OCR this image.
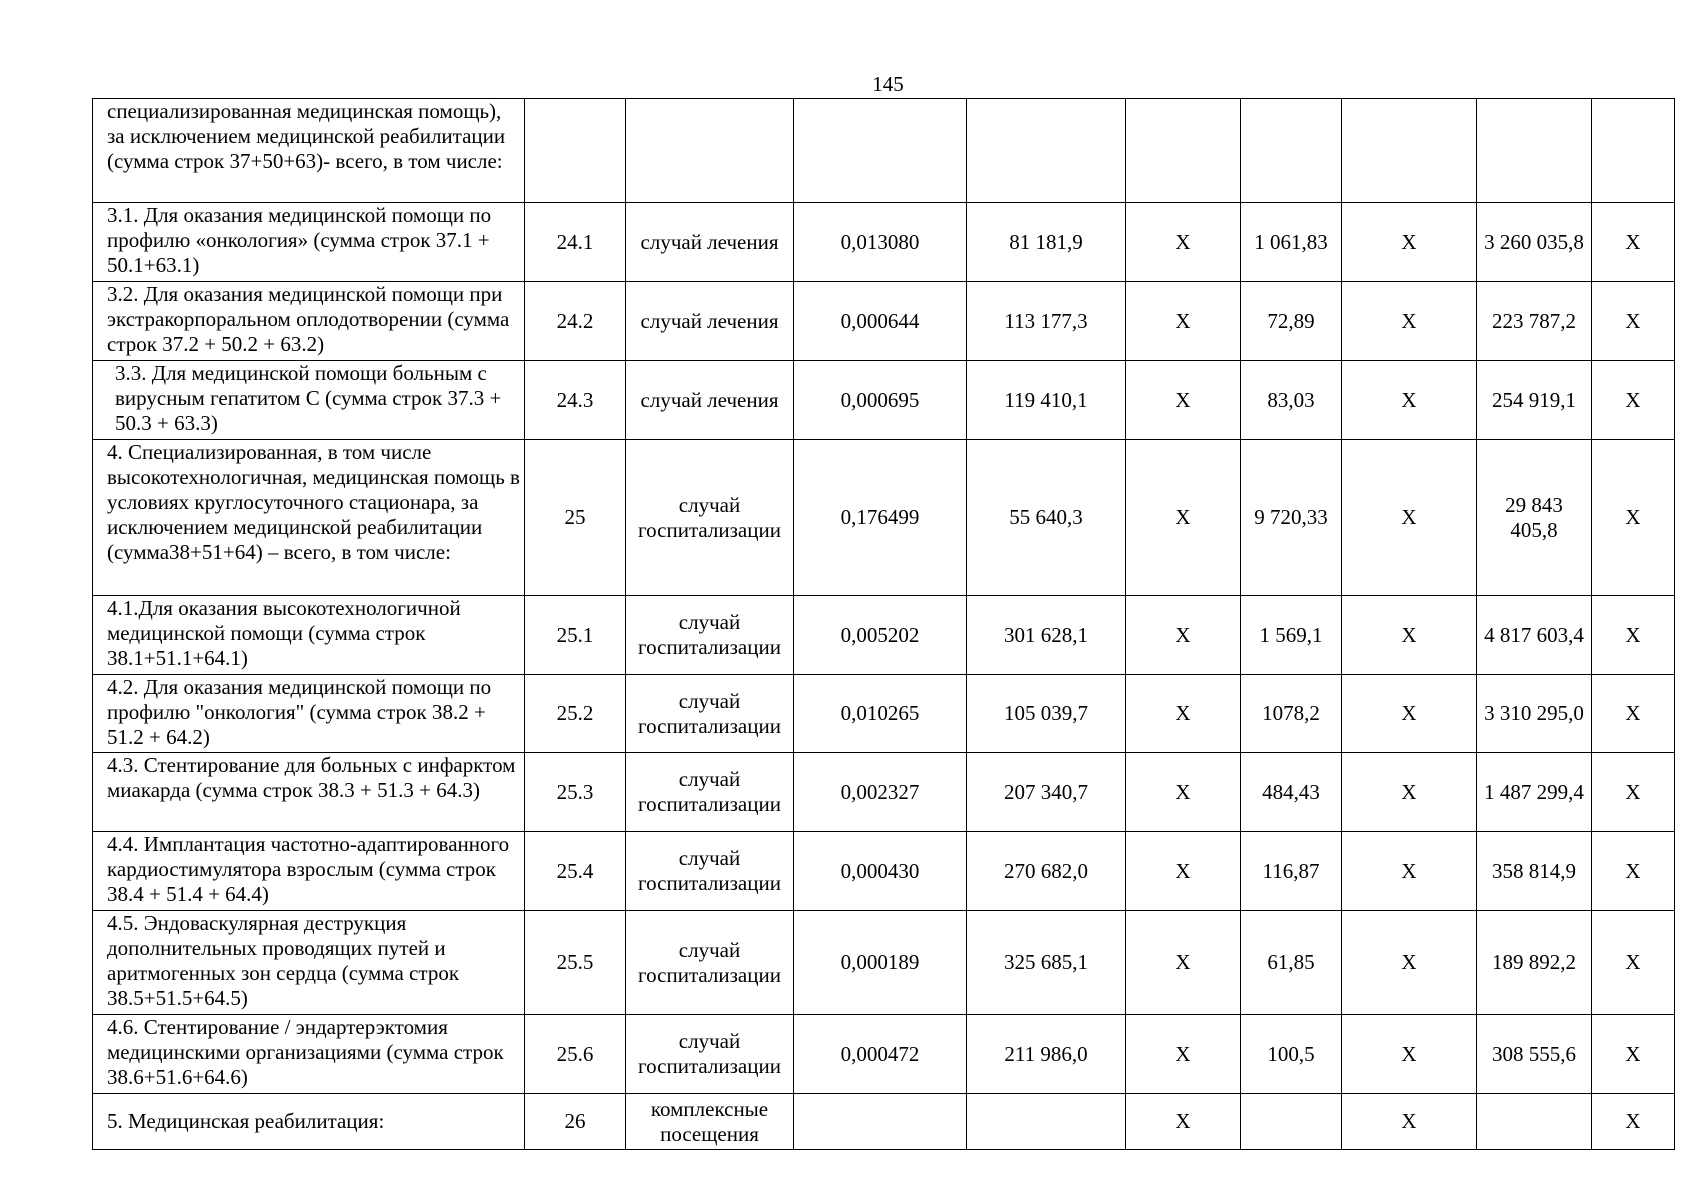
145
специализированная медицинская помощь), за исключением медицинской реабилитации (сумма строк 37+50+63)- всего, в том числе:									
3.1. Для оказания медицинской помощи по профилю «онкология» (сумма строк 37.1 + 50.1+63.1)	24.1	случай лечения	0,013080	81 181,9	X	1 061,83	X	3 260 035,8	X
3.2. Для оказания медицинской помощи при экстракорпоральном оплодотворении (сумма строк 37.2 + 50.2 + 63.2)	24.2	случай лечения	0,000644	113 177,3	X	72,89	X	223 787,2	X
3.3. Для медицинской помощи больным с вирусным гепатитом С (сумма строк 37.3 + 50.3 + 63.3)	24.3	случай лечения	0,000695	119 410,1	X	83,03	X	254 919,1	X
4. Специализированная, в том числе высокотехнологичная, медицинская помощь в условиях круглосуточного стационара, за исключением медицинской реабилитации (сумма38+51+64) – всего, в том числе:	25	случай госпитализации	0,176499	55 640,3	X	9 720,33	X	29 843 405,8	X
4.1.Для оказания высокотехнологичной медицинской помощи (сумма строк 38.1+51.1+64.1)	25.1	случай госпитализации	0,005202	301 628,1	X	1 569,1	X	4 817 603,4	X
4.2. Для оказания медицинской помощи по профилю "онкология" (сумма строк 38.2 + 51.2 + 64.2)	25.2	случай госпитализации	0,010265	105 039,7	X	1078,2	X	3 310 295,0	X
4.3. Стентирование для больных с инфарктом миакарда (сумма строк 38.3 + 51.3 + 64.3)	25.3	случай госпитализации	0,002327	207 340,7	X	484,43	X	1 487 299,4	X
4.4. Имплантация частотно-адаптированного кардиостимулятора взрослым (сумма строк 38.4 + 51.4 + 64.4)	25.4	случай госпитализации	0,000430	270 682,0	X	116,87	X	358 814,9	X
4.5. Эндоваскулярная деструкция дополнительных проводящих путей и аритмогенных зон сердца (сумма строк 38.5+51.5+64.5)	25.5	случай госпитализации	0,000189	325 685,1	X	61,85	X	189 892,2	X
4.6. Стентирование / эндартерэктомия медицинскими организациями (сумма строк 38.6+51.6+64.6)	25.6	случай госпитализации	0,000472	211 986,0	X	100,5	X	308 555,6	X
5. Медицинская реабилитация:	26	комплексные посещения			X		X		X
